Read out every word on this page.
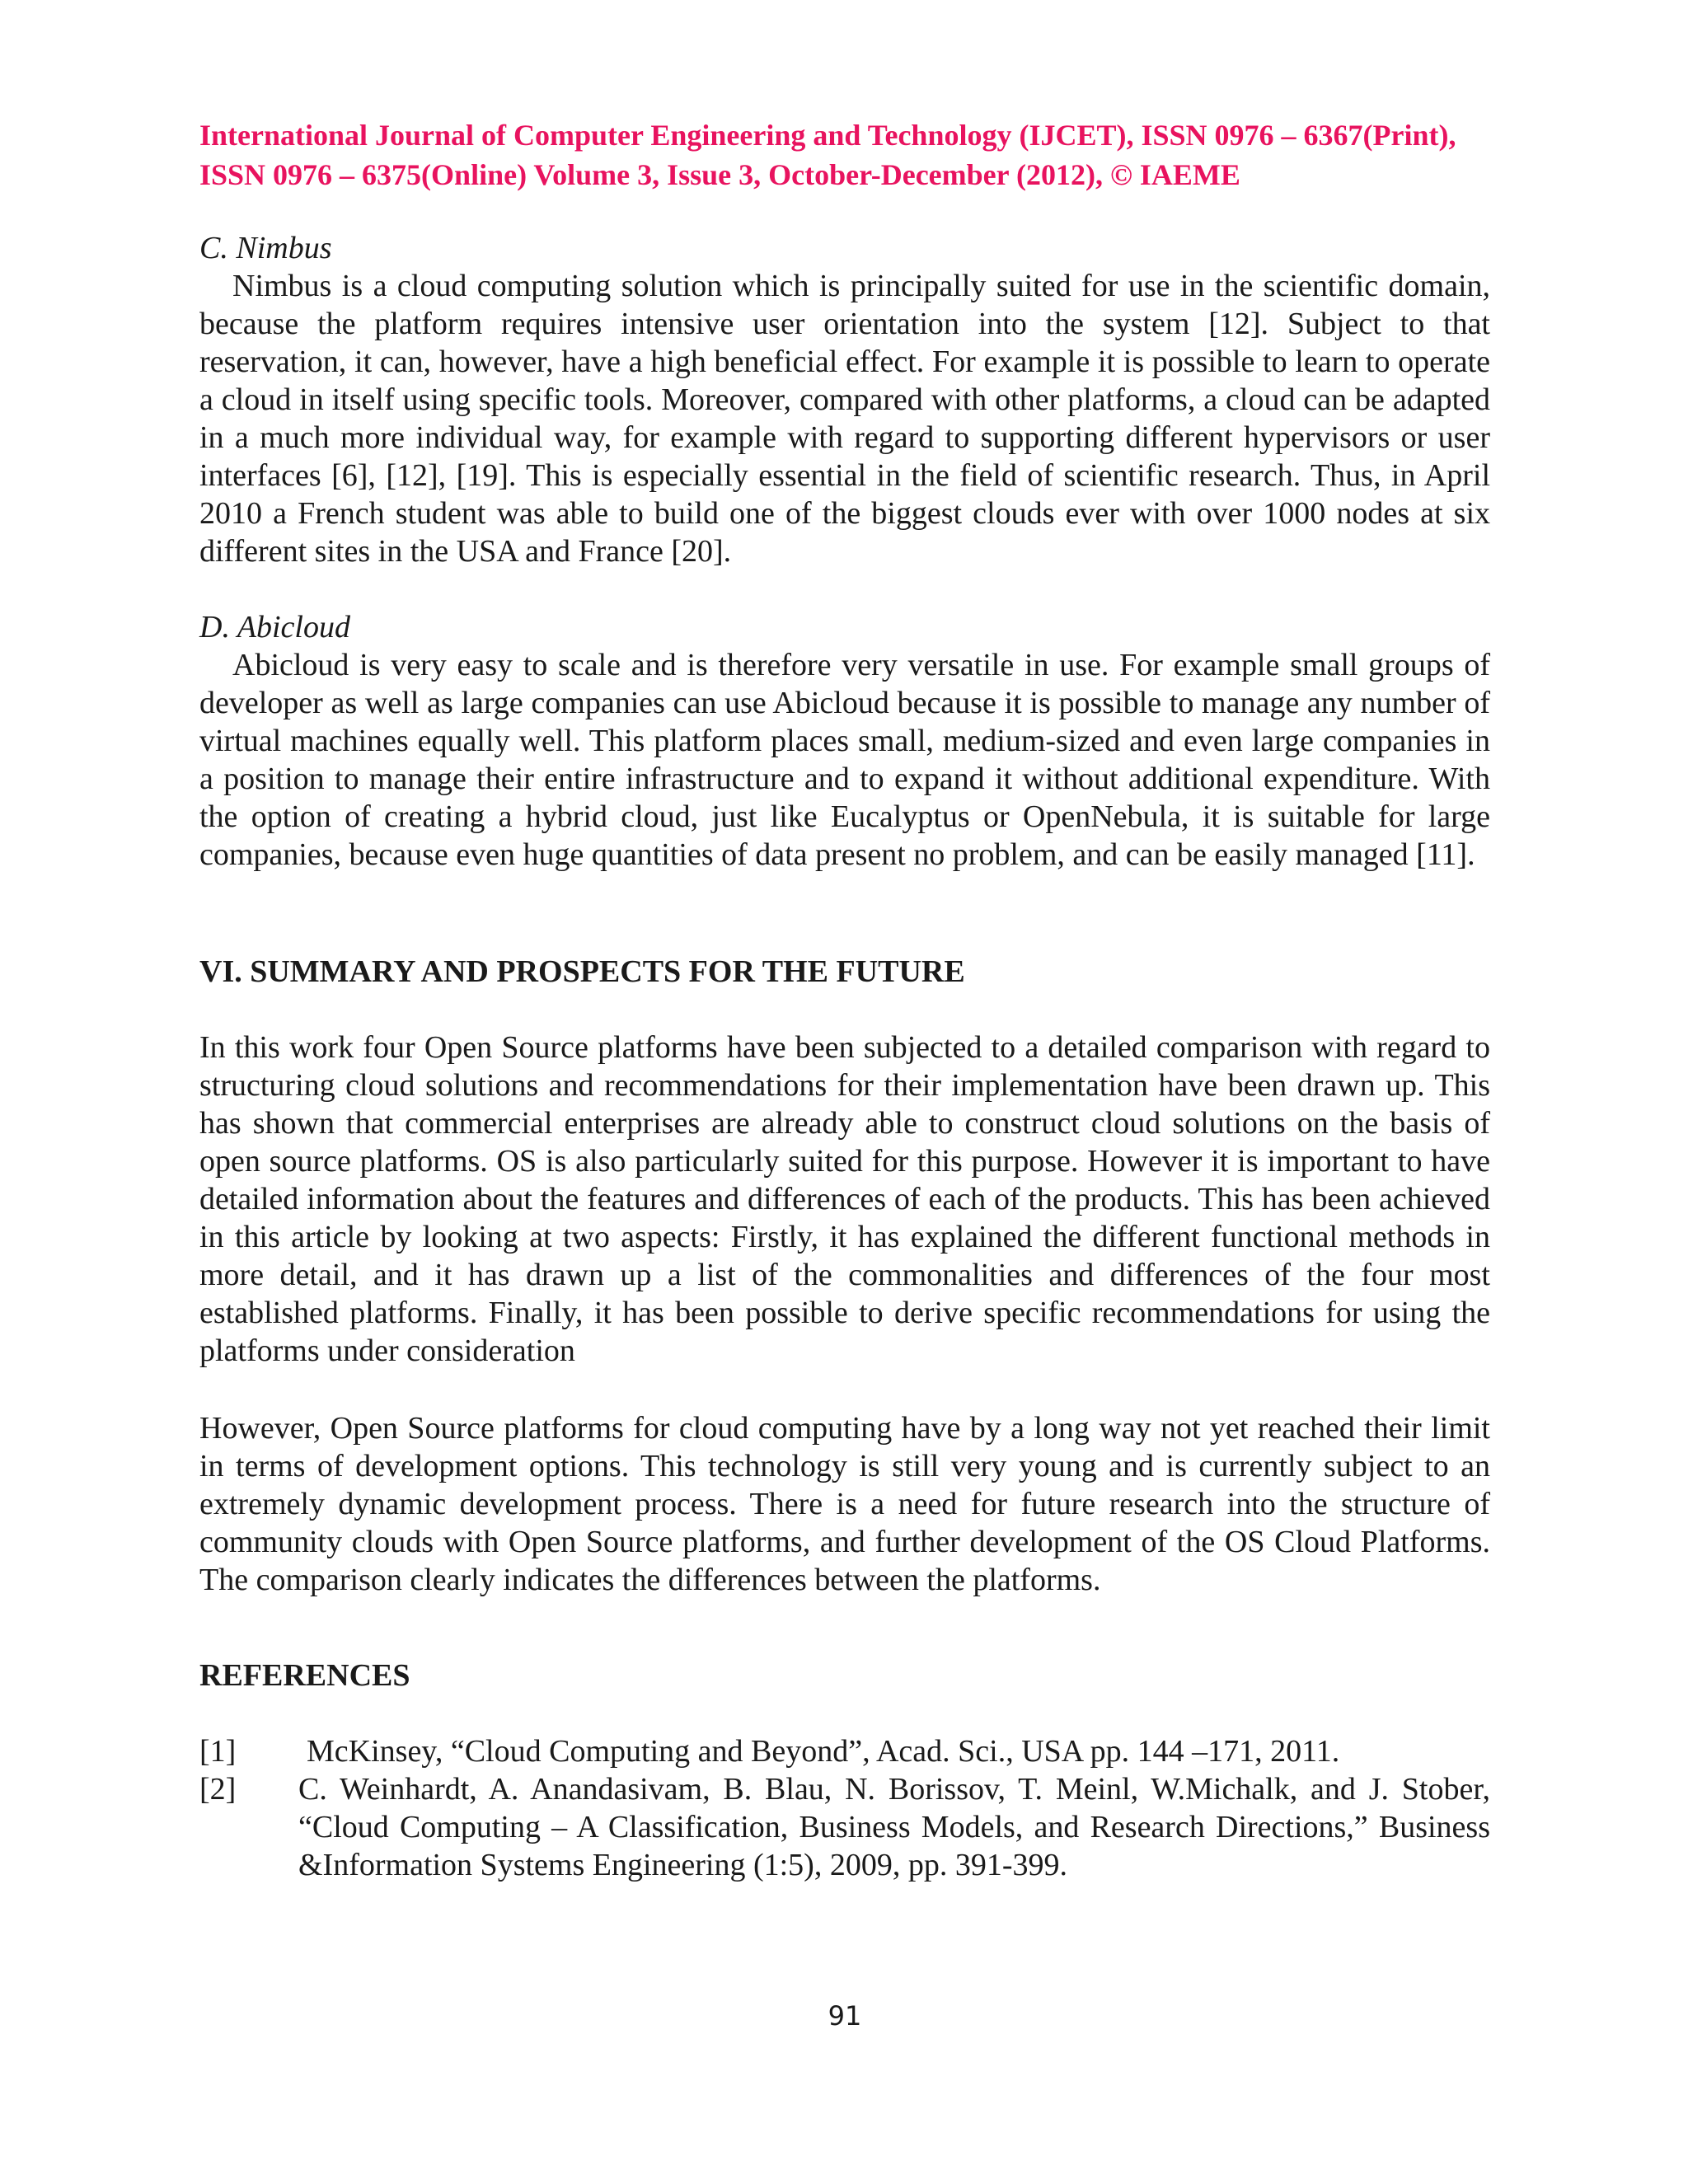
International Journal of Computer Engineering and Technology (IJCET), ISSN 0976 – 6367(Print),
ISSN 0976 – 6375(Online) Volume 3, Issue 3, October-December (2012), © IAEME
C. Nimbus
Nimbus is a cloud computing solution which is principally suited for use in the scientific domain, because the platform requires intensive user orientation into the system [12]. Subject to that reservation, it can, however, have a high beneficial effect. For example it is possible to learn to operate a cloud in itself using specific tools. Moreover, compared with other platforms, a cloud can be adapted in a much more individual way, for example with regard to supporting different hypervisors or user interfaces [6], [12], [19]. This is especially essential in the field of scientific research. Thus, in April 2010 a French student was able to build one of the biggest clouds ever with over 1000 nodes at six different sites in the USA and France [20].
D. Abicloud
Abicloud is very easy to scale and is therefore very versatile in use. For example small groups of developer as well as large companies can use Abicloud because it is possible to manage any number of virtual machines equally well. This platform places small, medium-sized and even large companies in a position to manage their entire infrastructure and to expand it without additional expenditure. With the option of creating a hybrid cloud, just like Eucalyptus or OpenNebula, it is suitable for large companies, because even huge quantities of data present no problem, and can be easily managed [11].
VI. SUMMARY AND PROSPECTS FOR THE FUTURE
In this work four Open Source platforms have been subjected to a detailed comparison with regard to structuring cloud solutions and recommendations for their implementation have been drawn up. This has shown that commercial enterprises are already able to construct cloud solutions on the basis of open source platforms. OS is also particularly suited for this purpose. However it is important to have detailed information about the features and differences of each of the products. This has been achieved in this article by looking at two aspects: Firstly, it has explained the different functional methods in more detail, and it has drawn up a list of the commonalities and differences of the four most established platforms. Finally, it has been possible to derive specific recommendations for using the platforms under consideration
However, Open Source platforms for cloud computing have by a long way not yet reached their limit in terms of development options. This technology is still very young and is currently subject to an extremely dynamic development process. There is a need for future research into the structure of community clouds with Open Source platforms, and further development of the OS Cloud Platforms. The comparison clearly indicates the differences between the platforms.
REFERENCES
[1] McKinsey, “Cloud Computing and Beyond”, Acad. Sci., USA pp. 144 –171, 2011.
[2] C. Weinhardt, A. Anandasivam, B. Blau, N. Borissov, T. Meinl, W.Michalk, and J. Stober, “Cloud Computing – A Classification, Business Models, and Research Directions,” Business &Information Systems Engineering (1:5), 2009, pp. 391-399.
91
